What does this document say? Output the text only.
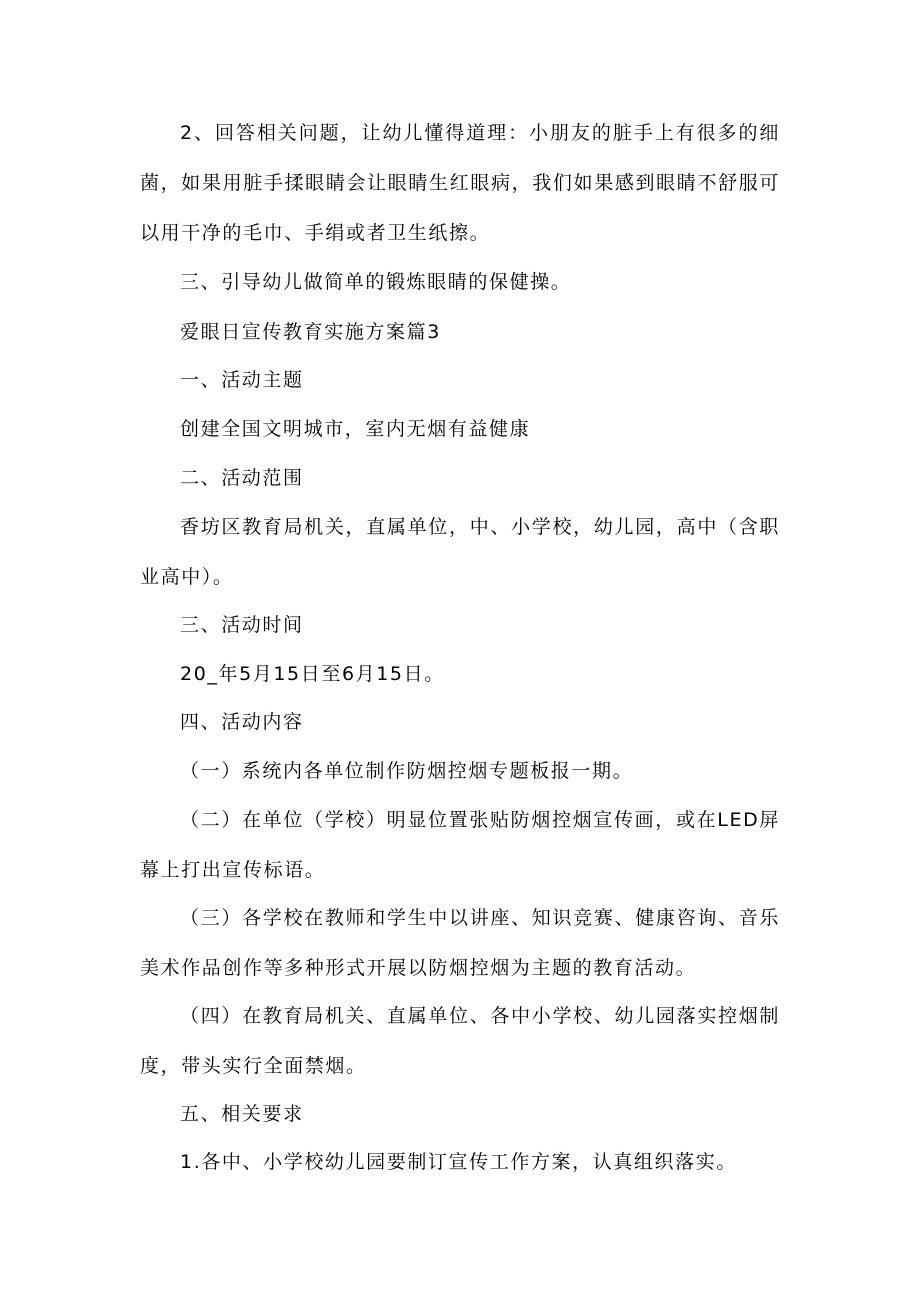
2、回答相关问题，让幼儿懂得道理：小朋友的脏手上有很多的细菌，如果用脏手揉眼睛会让眼睛生红眼病，我们如果感到眼睛不舒服可以用干净的毛巾、手绢或者卫生纸擦。

三、引导幼儿做简单的锻炼眼睛的保健操。

爱眼日宣传教育实施方案篇3

一、活动主题

创建全国文明城市，室内无烟有益健康

二、活动范围

香坊区教育局机关，直属单位，中、小学校，幼儿园，高中（含职业高中）。

三、活动时间

20_年5月15日至6月15日。

四、活动内容

（一）系统内各单位制作防烟控烟专题板报一期。

（二）在单位（学校）明显位置张贴防烟控烟宣传画，或在LED屏幕上打出宣传标语。

（三）各学校在教师和学生中以讲座、知识竞赛、健康咨询、音乐美术作品创作等多种形式开展以防烟控烟为主题的教育活动。

（四）在教育局机关、直属单位、各中小学校、幼儿园落实控烟制度，带头实行全面禁烟。

五、相关要求

1.各中、小学校幼儿园要制订宣传工作方案，认真组织落实。
